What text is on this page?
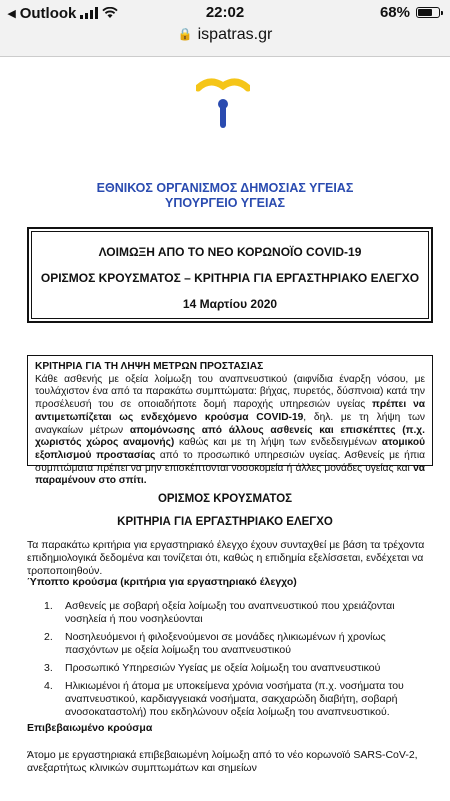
◂ Outlook	22:02	68%
🔒 ispatras.gr
ΕΘΝΙΚΟΣ ΟΡΓΑΝΙΣΜΟΣ ΔΗΜΟΣΙΑΣ ΥΓΕΙΑΣ
ΥΠΟΥΡΓΕΙΟ ΥΓΕΙΑΣ
ΛΟΙΜΩΞΗ ΑΠΟ ΤΟ ΝΕΟ ΚΟΡΩΝΟΪΟ COVID-19
ΟΡΙΣΜΟΣ ΚΡΟΥΣΜΑΤΟΣ – ΚΡΙΤΗΡΙΑ ΓΙΑ ΕΡΓΑΣΤΗΡΙΑΚΟ ΕΛΕΓΧΟ
14 Μαρτίου 2020
ΚΡΙΤΗΡΙΑ ΓΙΑ ΤΗ ΛΗΨΗ ΜΕΤΡΩΝ ΠΡΟΣΤΑΣΙΑΣ
Κάθε ασθενής με οξεία λοίμωξη του αναπνευστικού (αιφνίδια έναρξη νόσου, με τουλάχιστον ένα από τα παρακάτω συμπτώματα: βήχας, πυρετός, δύσπνοια) κατά την προσέλευσή του σε οποιαδήποτε δομή παροχής υπηρεσιών υγείας πρέπει να αντιμετωπίζεται ως ενδεχόμενο κρούσμα COVID-19, δηλ. με τη λήψη των αναγκαίων μέτρων απομόνωσης από άλλους ασθενείς και επισκέπτες (π.χ. χωριστός χώρος αναμονής) καθώς και με τη λήψη των ενδεδειγμένων ατομικού εξοπλισμού προστασίας από το προσωπικό υπηρεσιών υγείας. Ασθενείς με ήπια συμπτώματα πρέπει να μην επισκέπτονται νοσοκομεία ή άλλες μονάδες υγείας και να παραμένουν στο σπίτι.
ΟΡΙΣΜΟΣ ΚΡΟΥΣΜΑΤΟΣ
ΚΡΙΤΗΡΙΑ ΓΙΑ ΕΡΓΑΣΤΗΡΙΑΚΟ ΕΛΕΓΧΟ
Τα παρακάτω κριτήρια για εργαστηριακό έλεγχο έχουν συνταχθεί με βάση τα τρέχοντα επιδημιολογικά δεδομένα και τονίζεται ότι, καθώς η επιδημία εξελίσσεται, ενδέχεται να τροποποιηθούν.
Ύποπτο κρούσμα (κριτήρια για εργαστηριακό έλεγχο)
1. Ασθενείς με σοβαρή οξεία λοίμωξη του αναπνευστικού που χρειάζονται νοσηλεία ή που νοσηλεύονται
2. Νοσηλευόμενοι ή φιλοξενούμενοι σε μονάδες ηλικιωμένων ή χρονίως πασχόντων με οξεία λοίμωξη του αναπνευστικού
3. Προσωπικό Υπηρεσιών Υγείας με οξεία λοίμωξη του αναπνευστικού
4. Ηλικιωμένοι ή άτομα με υποκείμενα χρόνια νοσήματα (π.χ. νοσήματα του αναπνευστικού, καρδιαγγειακά νοσήματα, σακχαρώδη διαβήτη, σοβαρή ανοσοκαταστολή) που εκδηλώνουν οξεία λοίμωξη του αναπνευστικού.
Επιβεβαιωμένο κρούσμα
Άτομο με εργαστηριακά επιβεβαιωμένη λοίμωξη από το νέο κορωνοϊό SARS-CoV-2, ανεξαρτήτως κλινικών συμπτωμάτων και σημείων
